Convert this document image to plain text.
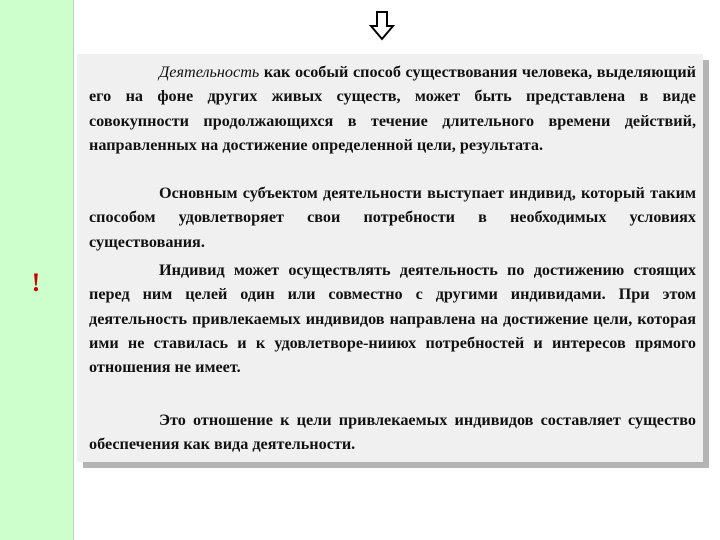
!

Деятельность как особый способ существования человека, выделяющий его на фоне других живых существ, может быть представлена в виде совокупности продолжающихся в течение длительного времени действий, направленных на достижение определенной цели, результата.

Основным субъектом деятельности выступает индивид, который таким способом удовлетворяет свои потребности в необходимых условиях существования.

Индивид может осуществлять деятельность по достижению стоящих перед ним целей один или совместно с другими индивидами. При этом деятельность привлекаемых индивидов направлена на достижение цели, которая ими не ставилась и к удовлетворе-нииюх потребностей и интересов прямого отношения не имеет.

Это отношение к цели привлекаемых индивидов составляет существо обеспечения как вида деятельности.
